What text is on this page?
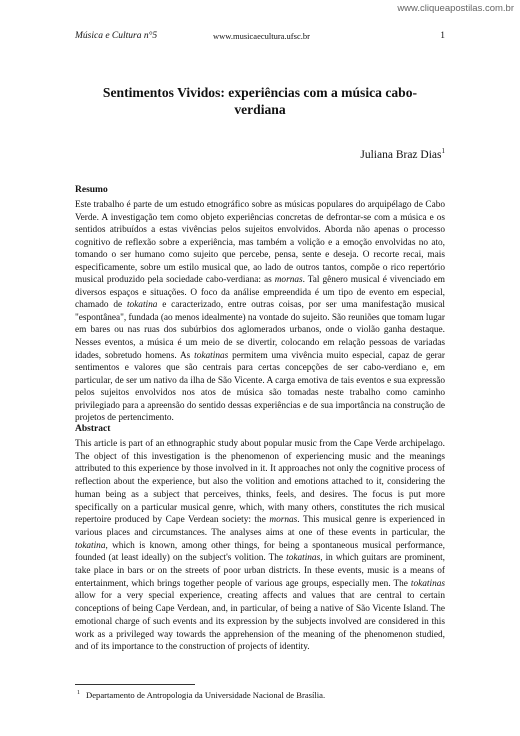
www.cliqueapostilas.com.br
Música e Cultura n°5	www.musicaecultura.ufsc.br	1
Sentimentos Vividos: experiências com a música cabo-verdiana
Juliana Braz Dias$^1$
Resumo

Este trabalho é parte de um estudo etnográfico sobre as músicas populares do arquipélago de Cabo Verde. A investigação tem como objeto experiências concretas de defrontar-se com a música e os sentidos atribuídos a estas vivências pelos sujeitos envolvidos. Aborda não apenas o processo cognitivo de reflexão sobre a experiência, mas também a volição e a emoção envolvidas no ato, tomando o ser humano como sujeito que percebe, pensa, sente e deseja. O recorte recai, mais especificamente, sobre um estilo musical que, ao lado de outros tantos, compõe o rico repertório musical produzido pela sociedade cabo-verdiana: as mornas. Tal gênero musical é vivenciado em diversos espaços e situações. O foco da análise empreendida é um tipo de evento em especial, chamado de tokatina e caracterizado, entre outras coisas, por ser uma manifestação musical "espontânea", fundada (ao menos idealmente) na vontade do sujeito. São reuniões que tomam lugar em bares ou nas ruas dos subúrbios dos aglomerados urbanos, onde o violão ganha destaque. Nesses eventos, a música é um meio de se divertir, colocando em relação pessoas de variadas idades, sobretudo homens. As tokatinas permitem uma vivência muito especial, capaz de gerar sentimentos e valores que são centrais para certas concepções de ser cabo-verdiano e, em particular, de ser um nativo da ilha de São Vicente. A carga emotiva de tais eventos e sua expressão pelos sujeitos envolvidos nos atos de música são tomadas neste trabalho como caminho privilegiado para a apreensão do sentido dessas experiências e de sua importância na construção de projetos de pertencimento.

Abstract

This article is part of an ethnographic study about popular music from the Cape Verde archipelago. The object of this investigation is the phenomenon of experiencing music and the meanings attributed to this experience by those involved in it. It approaches not only the cognitive process of reflection about the experience, but also the volition and emotions attached to it, considering the human being as a subject that perceives, thinks, feels, and desires. The focus is put more specifically on a particular musical genre, which, with many others, constitutes the rich musical repertoire produced by Cape Verdean society: the mornas. This musical genre is experienced in various places and circumstances. The analyses aims at one of these events in particular, the tokatina, which is known, among other things, for being a spontaneous musical performance, founded (at least ideally) on the subject's volition. The tokatinas, in which guitars are prominent, take place in bars or on the streets of poor urban districts. In these events, music is a means of entertainment, which brings together people of various age groups, especially men. The tokatinas allow for a very special experience, creating affects and values that are central to certain conceptions of being Cape Verdean, and, in particular, of being a native of São Vicente Island. The emotional charge of such events and its expression by the subjects involved are considered in this work as a privileged way towards the apprehension of the meaning of the phenomenon studied, and of its importance to the construction of projects of identity.

$^1$ Departamento de Antropologia da Universidade Nacional de Brasília.
